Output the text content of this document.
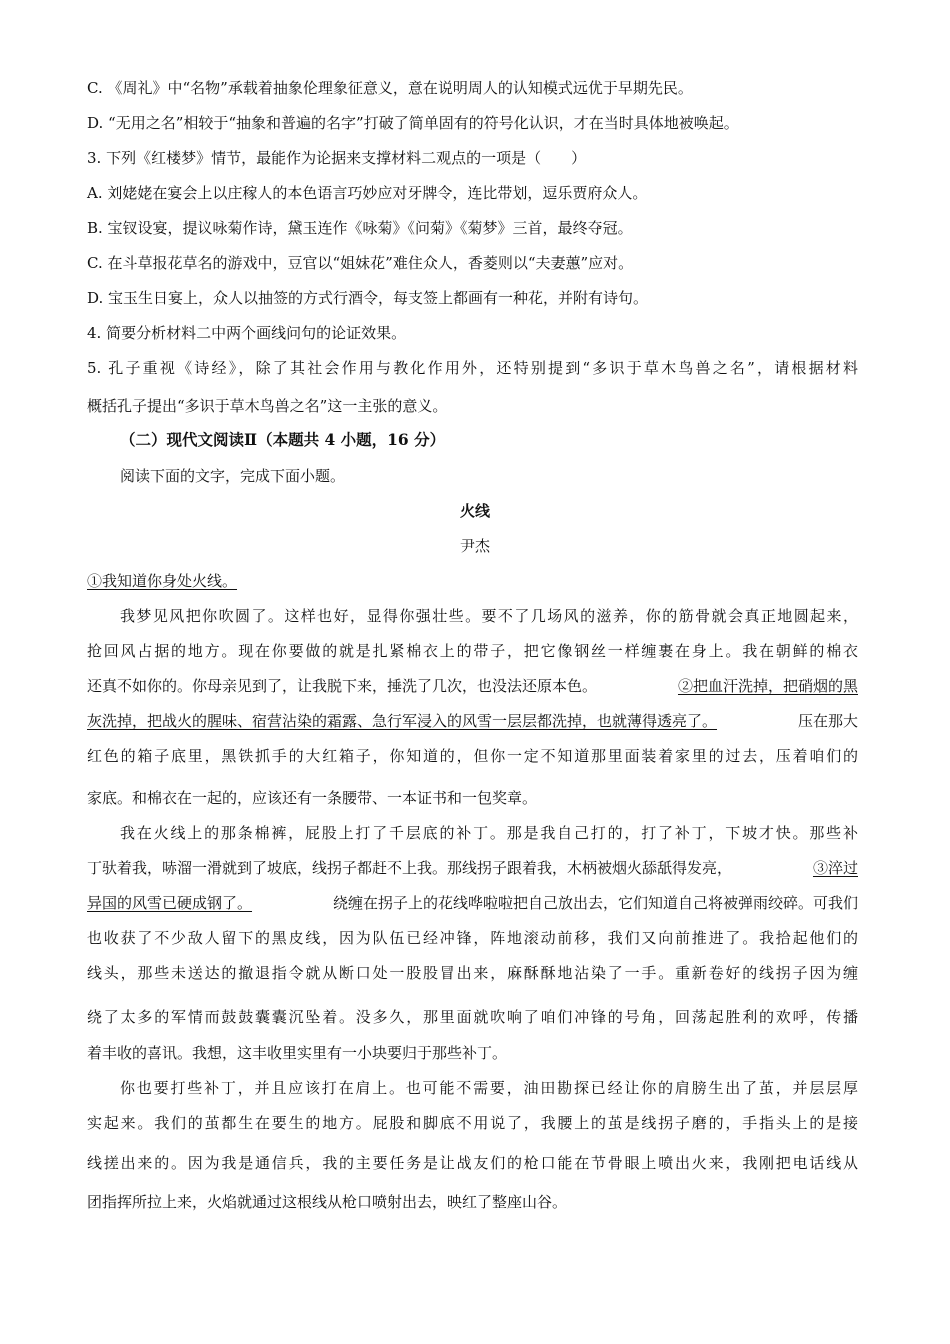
C. 《周礼》中“名物”承载着抽象伦理象征意义，意在说明周人的认知模式远优于早期先民。
D. “无用之名”相较于“抽象和普遍的名字”打破了简单固有的符号化认识，才在当时具体地被唤起。
3. 下列《红楼梦》情节，最能作为论据来支撑材料二观点的一项是（　　）
A. 刘姥姥在宴会上以庄稼人的本色语言巧妙应对牙牌令，连比带划，逗乐贾府众人。
B. 宝钗设宴，提议咏菊作诗，黛玉连作《咏菊》《问菊》《菊梦》三首，最终夺冠。
C. 在斗草报花草名的游戏中，豆官以“姐妹花”难住众人，香菱则以“夫妻蕙”应对。
D. 宝玉生日宴上，众人以抽签的方式行酒令，每支签上都画有一种花，并附有诗句。
4. 简要分析材料二中两个画线问句的论证效果。
5. 孔子重视《诗经》，除了其社会作用与教化作用外，还特别提到“多识于草木鸟兽之名”，请根据材料
概括孔子提出“多识于草木鸟兽之名”这一主张的意义。
（二）现代文阅读Ⅱ（本题共 4 小题，16 分）
阅读下面的文字，完成下面小题。
火线
尹杰
①我知道你身处火线。
我梦见风把你吹圆了。这样也好，显得你强壮些。要不了几场风的滋养，你的筋骨就会真正地圆起来，
抢回风占据的地方。现在你要做的就是扎紧棉衣上的带子，把它像钢丝一样缠裹在身上。我在朝鲜的棉衣
还真不如你的。你母亲见到了，让我脱下来，捶洗了几次，也没法还原本色。	②把血汗洗掉，把硝烟的黑
灰洗掉，把战火的腥味、宿营沾染的霜露、急行军浸入的风雪一层层都洗掉，也就薄得透亮了。	压在那大
红色的箱子底里，黑铁抓手的大红箱子，你知道的，但你一定不知道那里面装着家里的过去，压着咱们的
家底。和棉衣在一起的，应该还有一条腰带、一本证书和一包奖章。
我在火线上的那条棉裤，屁股上打了千层底的补丁。那是我自己打的，打了补丁，下坡才快。那些补
丁驮着我，哧溜一滑就到了坡底，线拐子都赶不上我。那线拐子跟着我，木柄被烟火舔舐得发亮，	③淬过
异国的风雪已硬成钢了。	绕缠在拐子上的花线哗啦啦把自己放出去，它们知道自己将被弹雨绞碎。可我们
也收获了不少敌人留下的黑皮线，因为队伍已经冲锋，阵地滚动前移，我们又向前推进了。我拾起他们的
线头，那些未送达的撤退指令就从断口处一股股冒出来，麻酥酥地沾染了一手。重新卷好的线拐子因为缠
绕了太多的军情而鼓鼓囊囊沉坠着。没多久，那里面就吹响了咱们冲锋的号角，回荡起胜利的欢呼，传播
着丰收的喜讯。我想，这丰收里实里有一小块要归于那些补丁。
你也要打些补丁，并且应该打在肩上。也可能不需要，油田勘探已经让你的肩膀生出了茧，并层层厚
实起来。我们的茧都生在要生的地方。屁股和脚底不用说了，我腰上的茧是线拐子磨的，手指头上的是接
线搓出来的。因为我是通信兵，我的主要任务是让战友们的枪口能在节骨眼上喷出火来，我刚把电话线从
团指挥所拉上来，火焰就通过这根线从枪口喷射出去，映红了整座山谷。
